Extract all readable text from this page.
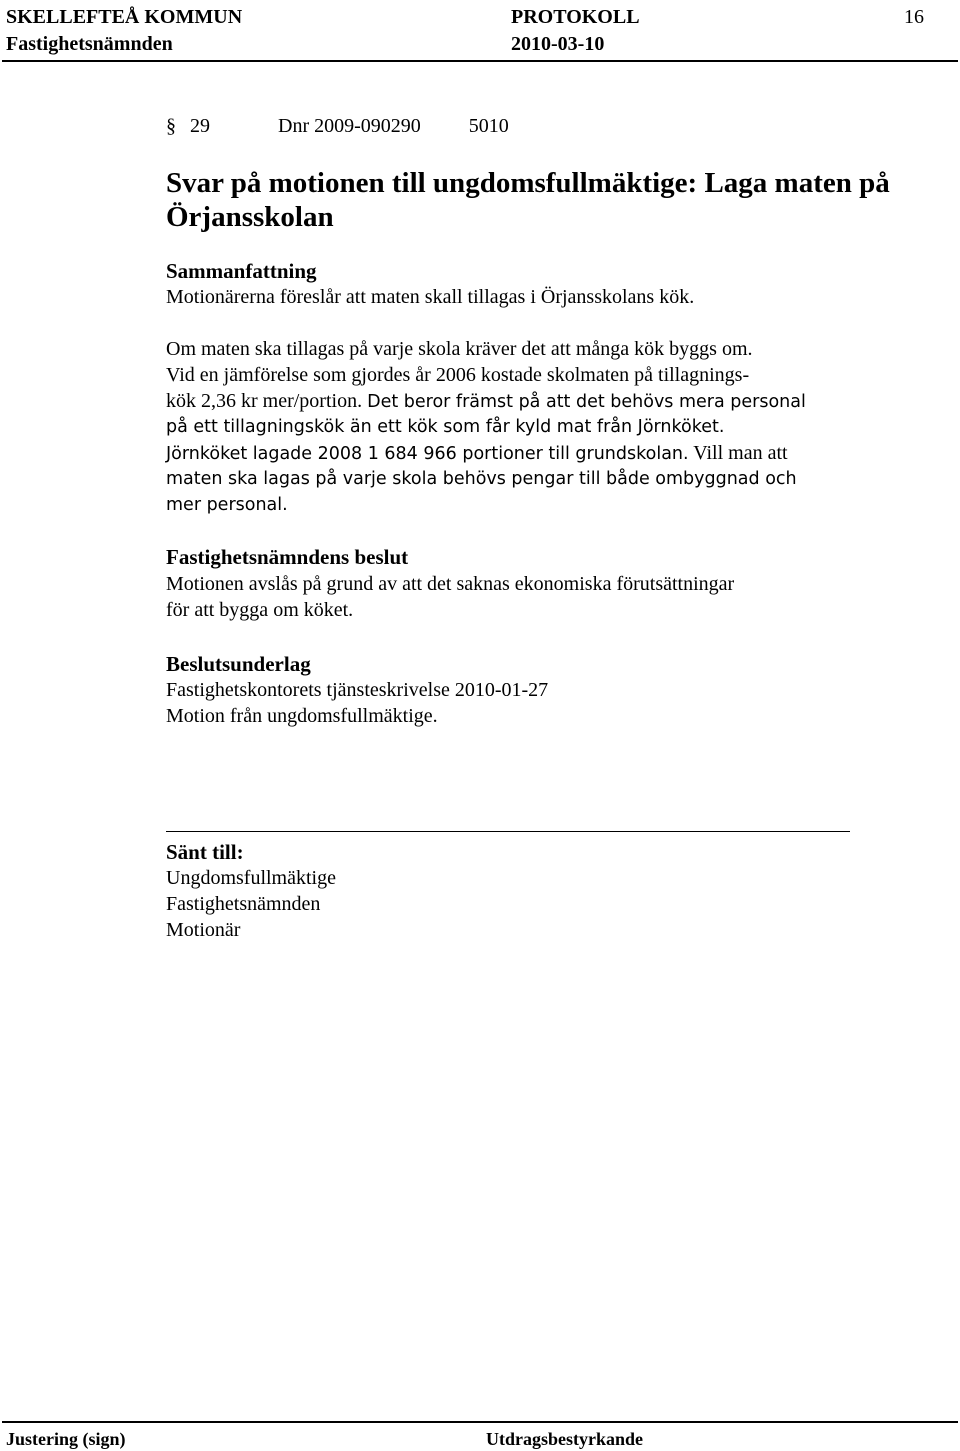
SKELLEFTEÅ KOMMUN	PROTOKOLL	16
Fastighetsnämnden	2010-03-10
§ 29	Dnr 2009-090290 5010
Svar på motionen till ungdomsfullmäktige: Laga maten på
Örjansskolan
Sammanfattning
Motionärerna föreslår att maten skall tillagas i Örjansskolans kök.
Om maten ska tillagas på varje skola kräver det att många kök byggs om.
Vid en jämförelse som gjordes år 2006 kostade skolmaten på tillagnings-
kök 2,36 kr mer/portion. Det beror främst på att det behövs mera personal
på ett tillagningskök än ett kök som får kyld mat från Jörnköket.
Jörnköket lagade 2008 1 684 966 portioner till grundskolan. Vill man att
maten ska lagas på varje skola behövs pengar till både ombyggnad och
mer personal.
Fastighetsnämndens beslut
Motionen avslås på grund av att det saknas ekonomiska förutsättningar
för att bygga om köket.
Beslutsunderlag
Fastighetskontorets tjänsteskrivelse 2010-01-27
Motion från ungdomsfullmäktige.
Sänt till:
Ungdomsfullmäktige
Fastighetsnämnden
Motionär
Justering (sign)	Utdragsbestyrkande
